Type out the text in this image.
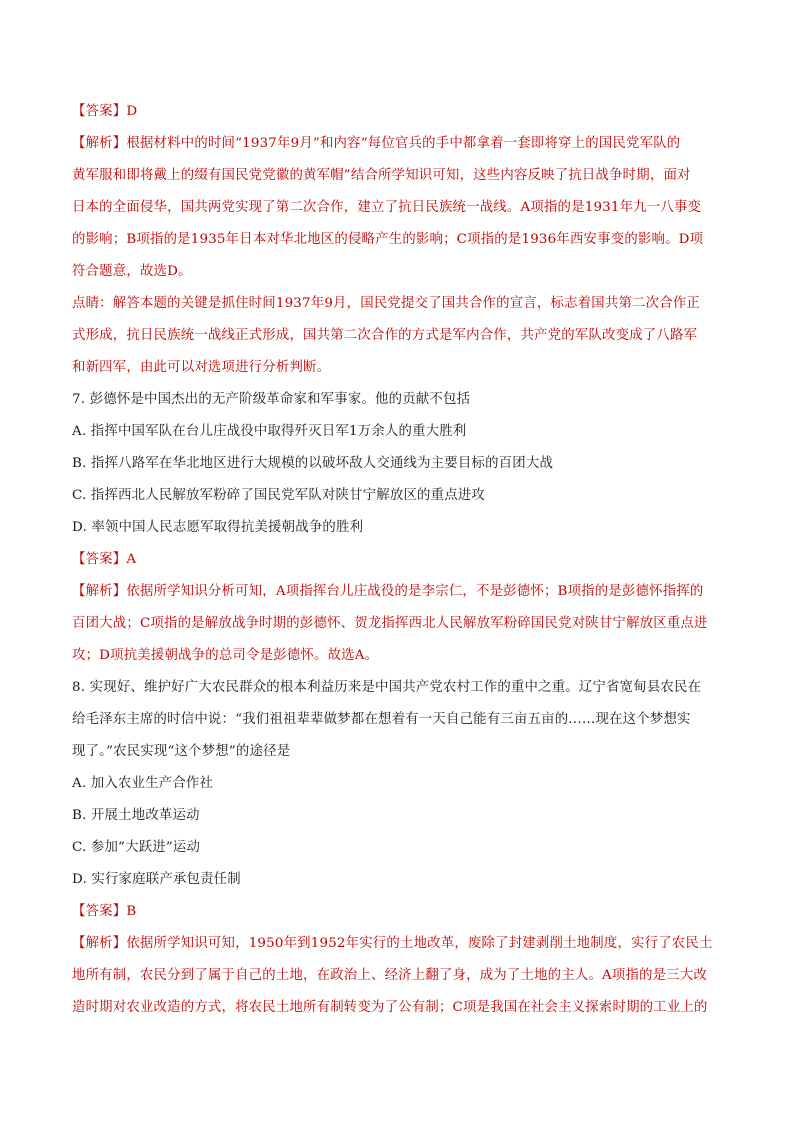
【答案】D
【解析】根据材料中的时间“1937年9月”和内容“每位官兵的手中都拿着一套即将穿上的国民党军队的
黄军服和即将戴上的缀有国民党党徽的黄军帽”结合所学知识可知，这些内容反映了抗日战争时期，面对
日本的全面侵华，国共两党实现了第二次合作，建立了抗日民族统一战线。A项指的是1931年九一八事变
的影响；B项指的是1935年日本对华北地区的侵略产生的影响；C项指的是1936年西安事变的影响。D项
符合题意，故选D。
点睛：解答本题的关键是抓住时间1937年9月，国民党提交了国共合作的宣言，标志着国共第二次合作正
式形成，抗日民族统一战线正式形成，国共第二次合作的方式是军内合作，共产党的军队改变成了八路军
和新四军，由此可以对选项进行分析判断。
7. 彭德怀是中国杰出的无产阶级革命家和军事家。他的贡献不包括
A. 指挥中国军队在台儿庄战役中取得歼灭日军1万余人的重大胜利
B. 指挥八路军在华北地区进行大规模的以破坏敌人交通线为主要目标的百团大战
C. 指挥西北人民解放军粉碎了国民党军队对陕甘宁解放区的重点进攻
D. 率领中国人民志愿军取得抗美援朝战争的胜利
【答案】A
【解析】依据所学知识分析可知，A项指挥台儿庄战役的是李宗仁，不是彭德怀；B项指的是彭德怀指挥的
百团大战；C项指的是解放战争时期的彭德怀、贺龙指挥西北人民解放军粉碎国民党对陕甘宁解放区重点进
攻；D项抗美援朝战争的总司令是彭德怀。故选A。
8. 实现好、维护好广大农民群众的根本利益历来是中国共产党农村工作的重中之重。辽宁省宽甸县农民在
给毛泽东主席的时信中说：“我们祖祖辈辈做梦都在想着有一天自己能有三亩五亩的……现在这个梦想实
现了。”农民实现“这个梦想”的途径是
A. 加入农业生产合作社
B. 开展土地改革运动
C. 参加“大跃进”运动
D. 实行家庭联产承包责任制
【答案】B
【解析】依据所学知识可知，1950年到1952年实行的土地改革，废除了封建剥削土地制度，实行了农民土
地所有制，农民分到了属于自己的土地，在政治上、经济上翻了身，成为了土地的主人。A项指的是三大改
造时期对农业改造的方式，将农民土地所有制转变为了公有制；C项是我国在社会主义探索时期的工业上的
